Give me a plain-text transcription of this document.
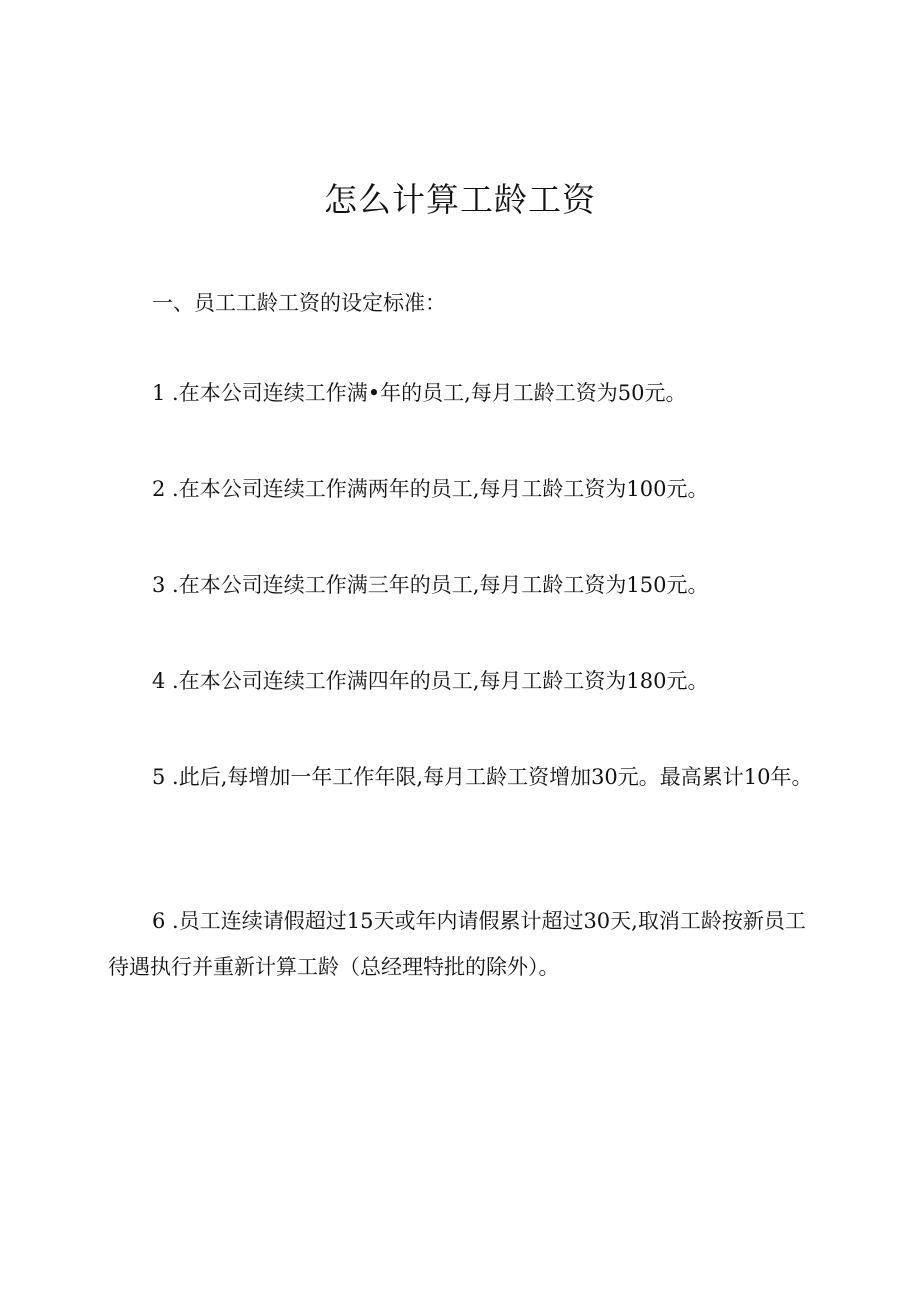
怎么计算工龄工资

一、员工工龄工资的设定标准：

1 .在本公司连续工作满•年的员工,每月工龄工资为50元。

2 .在本公司连续工作满两年的员工,每月工龄工资为100元。

3 .在本公司连续工作满三年的员工,每月工龄工资为150元。

4 .在本公司连续工作满四年的员工,每月工龄工资为180元。

5 .此后,每增加一年工作年限,每月工龄工资增加30元。最高累计10年。

6 .员工连续请假超过15天或年内请假累计超过30天,取消工龄按新员工待遇执行并重新计算工龄（总经理特批的除外）。
